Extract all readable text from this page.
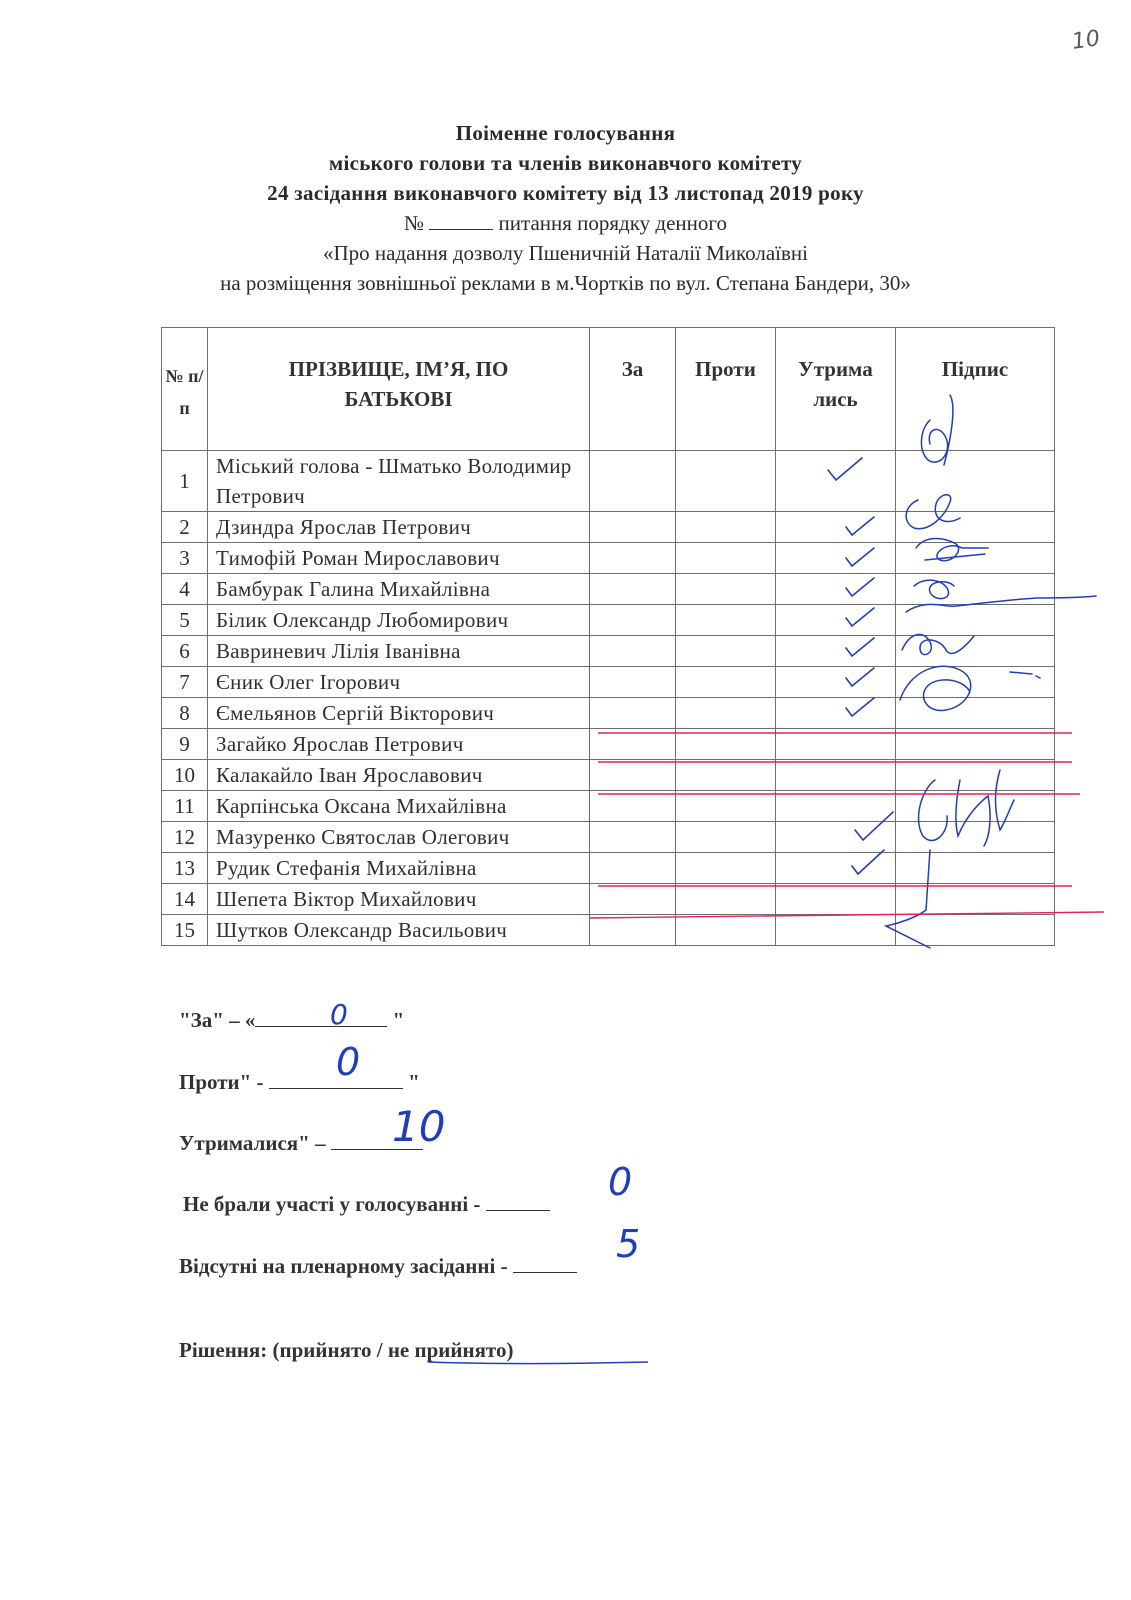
10
Поіменне голосування
міського голови та членів виконавчого комітету
24 засідання виконавчого комітету від 13 листопад 2019 року
№	питання порядку денного
«Про надання дозволу Пшеничній Наталії Миколаївні
на розміщення зовнішньої реклами в м.Чортків по вул. Степана Бандери, 30»
№ п/ п	ПРІЗВИЩЕ, ІМ’Я, ПО БАТЬКОВІ	За	Проти	Утрима лись	Підпис
1	Міський голова - Шматько Володимир Петрович				
2	Дзиндра Ярослав Петрович				
3	Тимофій Роман Мирославович				
4	Бамбурак Галина Михайлівна				
5	Білик Олександр Любомирович				
6	Вавриневич Лілія Іванівна				
7	Єник Олег Ігорович				
8	Ємельянов Сергій Вікторович				
9	Загайко Ярослав Петрович				
10	Калакайло Іван Ярославович				
11	Карпінська Оксана Михайлівна				
12	Мазуренко Святослав Олегович				
13	Рудик Стефанія Михайлівна				
14	Шепета Віктор Михайлович				
15	Шутков Олександр Васильович				
"За" – «	"
0
Проти" -	"
0
Утрималися" –	10
Не брали участі у голосуванні -	0
Відсутні на пленарному засіданні -	5
Рішення: (прийнято / не прийнято)
